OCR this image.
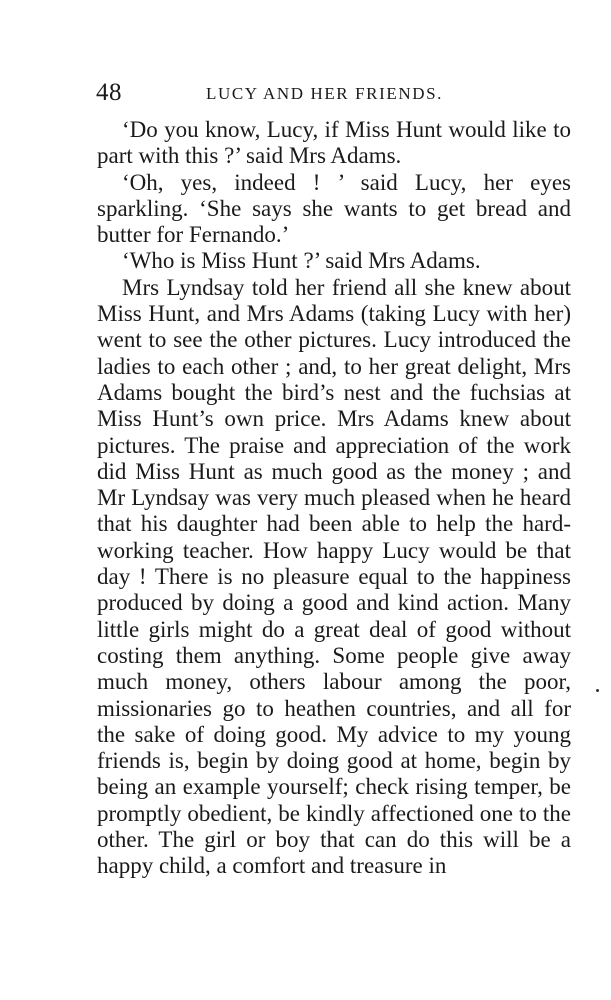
48	LUCY AND HER FRIENDS.

‘Do you know, Lucy, if Miss Hunt would like to part with this ?’ said Mrs Adams.

‘Oh, yes, indeed ! ’ said Lucy, her eyes sparkling. ‘She says she wants to get bread and butter for Fernando.’

‘Who is Miss Hunt ?’ said Mrs Adams.

Mrs Lyndsay told her friend all she knew about Miss Hunt, and Mrs Adams (taking Lucy with her) went to see the other pictures. Lucy introduced the ladies to each other ; and, to her great delight, Mrs Adams bought the bird’s nest and the fuchsias at Miss Hunt’s own price. Mrs Adams knew about pictures. The praise and appreciation of the work did Miss Hunt as much good as the money ; and Mr Lyndsay was very much pleased when he heard that his daughter had been able to help the hard-working teacher. How happy Lucy would be that day ! There is no pleasure equal to the happiness produced by doing a good and kind action. Many little girls might do a great deal of good without costing them anything. Some people give away much money, others labour among the poor, missionaries go to heathen countries, and all for the sake of doing good. My advice to my young friends is, begin by doing good at home, begin by being an example yourself; check rising temper, be promptly obedient, be kindly affectioned one to the other. The girl or boy that can do this will be a happy child, a comfort and treasure in
